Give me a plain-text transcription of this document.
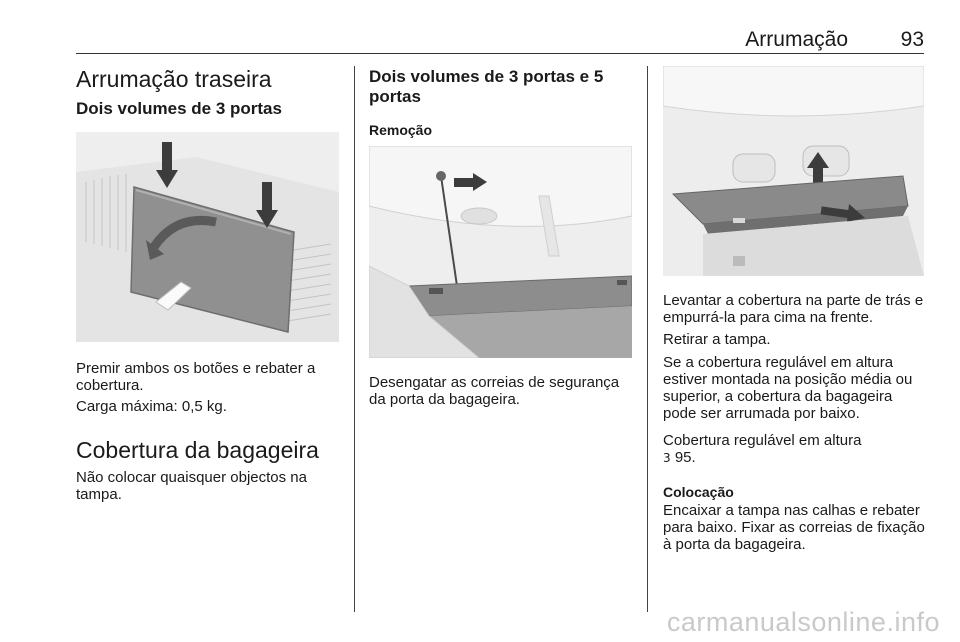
Arrumação	93
Arrumação traseira
Dois volumes de 3 portas

Premir ambos os botões e rebater a cobertura.

Carga máxima: 0,5 kg.

Cobertura da bagageira

Não colocar quaisquer objectos na tampa.

Dois volumes de 3 portas e 5 portas
Remoção

Desengatar as correias de segurança da porta da bagageira.

Levantar a cobertura na parte de trás e empurrá-la para cima na frente.

Retirar a tampa.

Se a cobertura regulável em altura estiver montada na posição média ou superior, a cobertura da bagageira pode ser arrumada por baixo.

Cobertura regulável em altura
3 95.

Colocação

Encaixar a tampa nas calhas e rebater para baixo. Fixar as correias de fixação à porta da bagageira.

carmanualsonline.info
